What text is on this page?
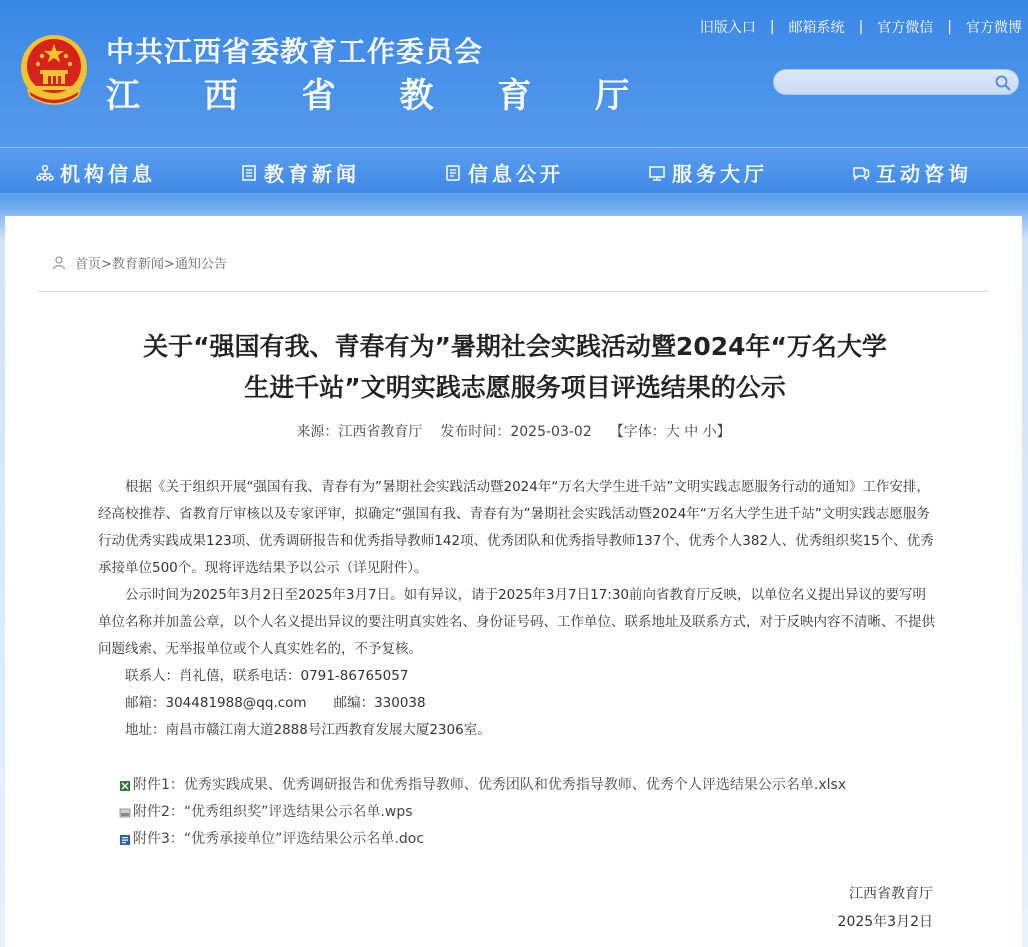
中共江西省委教育工作委员会
江 西 省 教 育 厅
旧版入口	|	邮箱系统	|	官方微信	|	官方微博
机构信息	教育新闻	信息公开	服务大厅	互动咨询
首页> 教育新闻> 通知公告
关于“强国有我、青春有为”暑期社会实践活动暨2024年“万名大学
生进千站”文明实践志愿服务项目评选结果的公示
来源：江西省教育厅 发布时间：2025-03-02 【字体：大 中 小】

根据《关于组织开展“强国有我、青春有为”暑期社会实践活动暨2024年“万名大学生进千站”文明实践志愿服务行动的通知》工作安排，经高校推荐、省教育厅审核以及专家评审，拟确定“强国有我、青春有为”暑期社会实践活动暨2024年“万名大学生进千站”文明实践志愿服务行动优秀实践成果123项、优秀调研报告和优秀指导教师142项、优秀团队和优秀指导教师137个、优秀个人382人、优秀组织奖15个、优秀承接单位500个。现将评选结果予以公示（详见附件）。

公示时间为2025年3月2日至2025年3月7日。如有异议，请于2025年3月7日17:30前向省教育厅反映，以单位名义提出异议的要写明单位名称并加盖公章，以个人名义提出异议的要注明真实姓名、身份证号码、工作单位、联系地址及联系方式，对于反映内容不清晰、不提供问题线索、无举报单位或个人真实姓名的，不予复核。

联系人：肖礼僖，联系电话：0791-86765057

邮箱：304481988@qq.com　　邮编：330038

地址：南昌市赣江南大道2888号江西教育发展大厦2306室。

附件1：优秀实践成果、优秀调研报告和优秀指导教师、优秀团队和优秀指导教师、优秀个人评选结果公示名单.xlsx
附件2：“优秀组织奖”评选结果公示名单.wps
附件3：“优秀承接单位”评选结果公示名单.doc
江西省教育厅
2025年3月2日
